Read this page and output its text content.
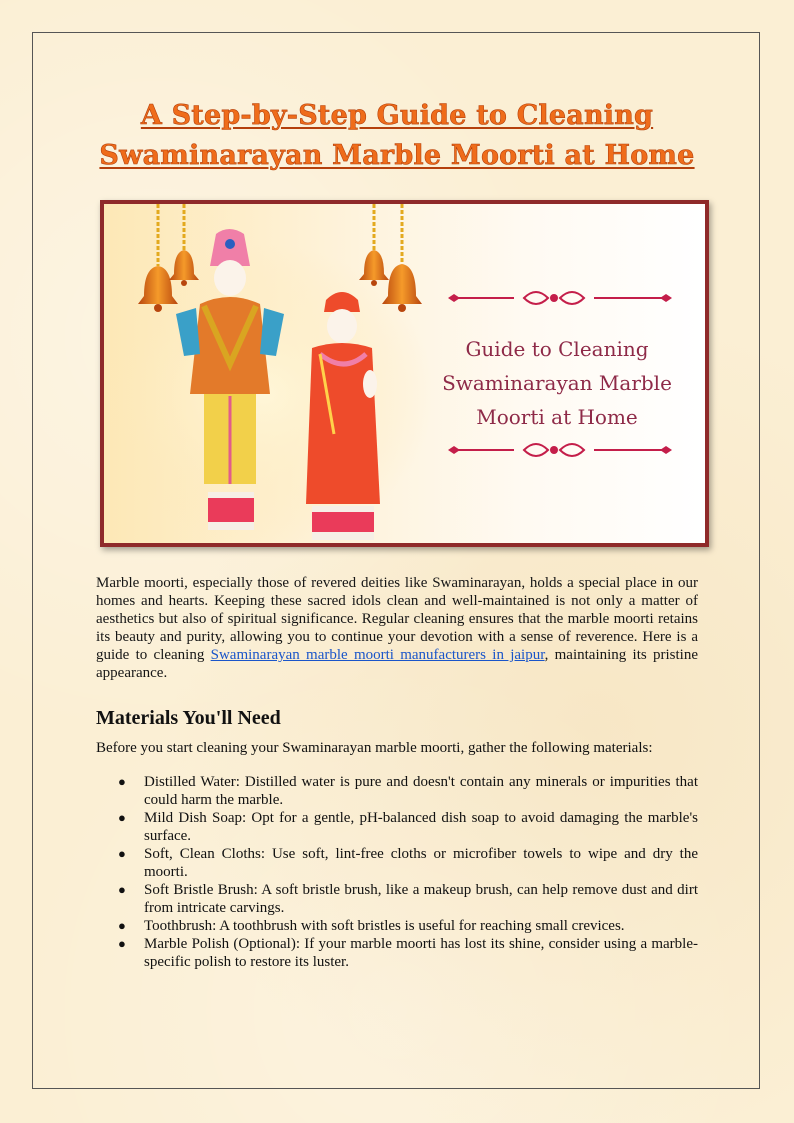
A Step-by-Step Guide to Cleaning Swaminarayan Marble Moorti at Home
Guide to Cleaning
Swaminarayan Marble
Moorti at Home

Marble moorti, especially those of revered deities like Swaminarayan, holds a special place in our homes and hearts. Keeping these sacred idols clean and well-maintained is not only a matter of aesthetics but also of spiritual significance. Regular cleaning ensures that the marble moorti retains its beauty and purity, allowing you to continue your devotion with a sense of reverence. Here is a guide to cleaning Swaminarayan marble moorti manufacturers in jaipur, maintaining its pristine appearance.

Materials You'll Need

Before you start cleaning your Swaminarayan marble moorti, gather the following materials:

● Distilled Water: Distilled water is pure and doesn't contain any minerals or impurities that could harm the marble.
● Mild Dish Soap: Opt for a gentle, pH-balanced dish soap to avoid damaging the marble's surface.
● Soft, Clean Cloths: Use soft, lint-free cloths or microfiber towels to wipe and dry the moorti.
● Soft Bristle Brush: A soft bristle brush, like a makeup brush, can help remove dust and dirt from intricate carvings.
● Toothbrush: A toothbrush with soft bristles is useful for reaching small crevices.
● Marble Polish (Optional): If your marble moorti has lost its shine, consider using a marble-specific polish to restore its luster.
